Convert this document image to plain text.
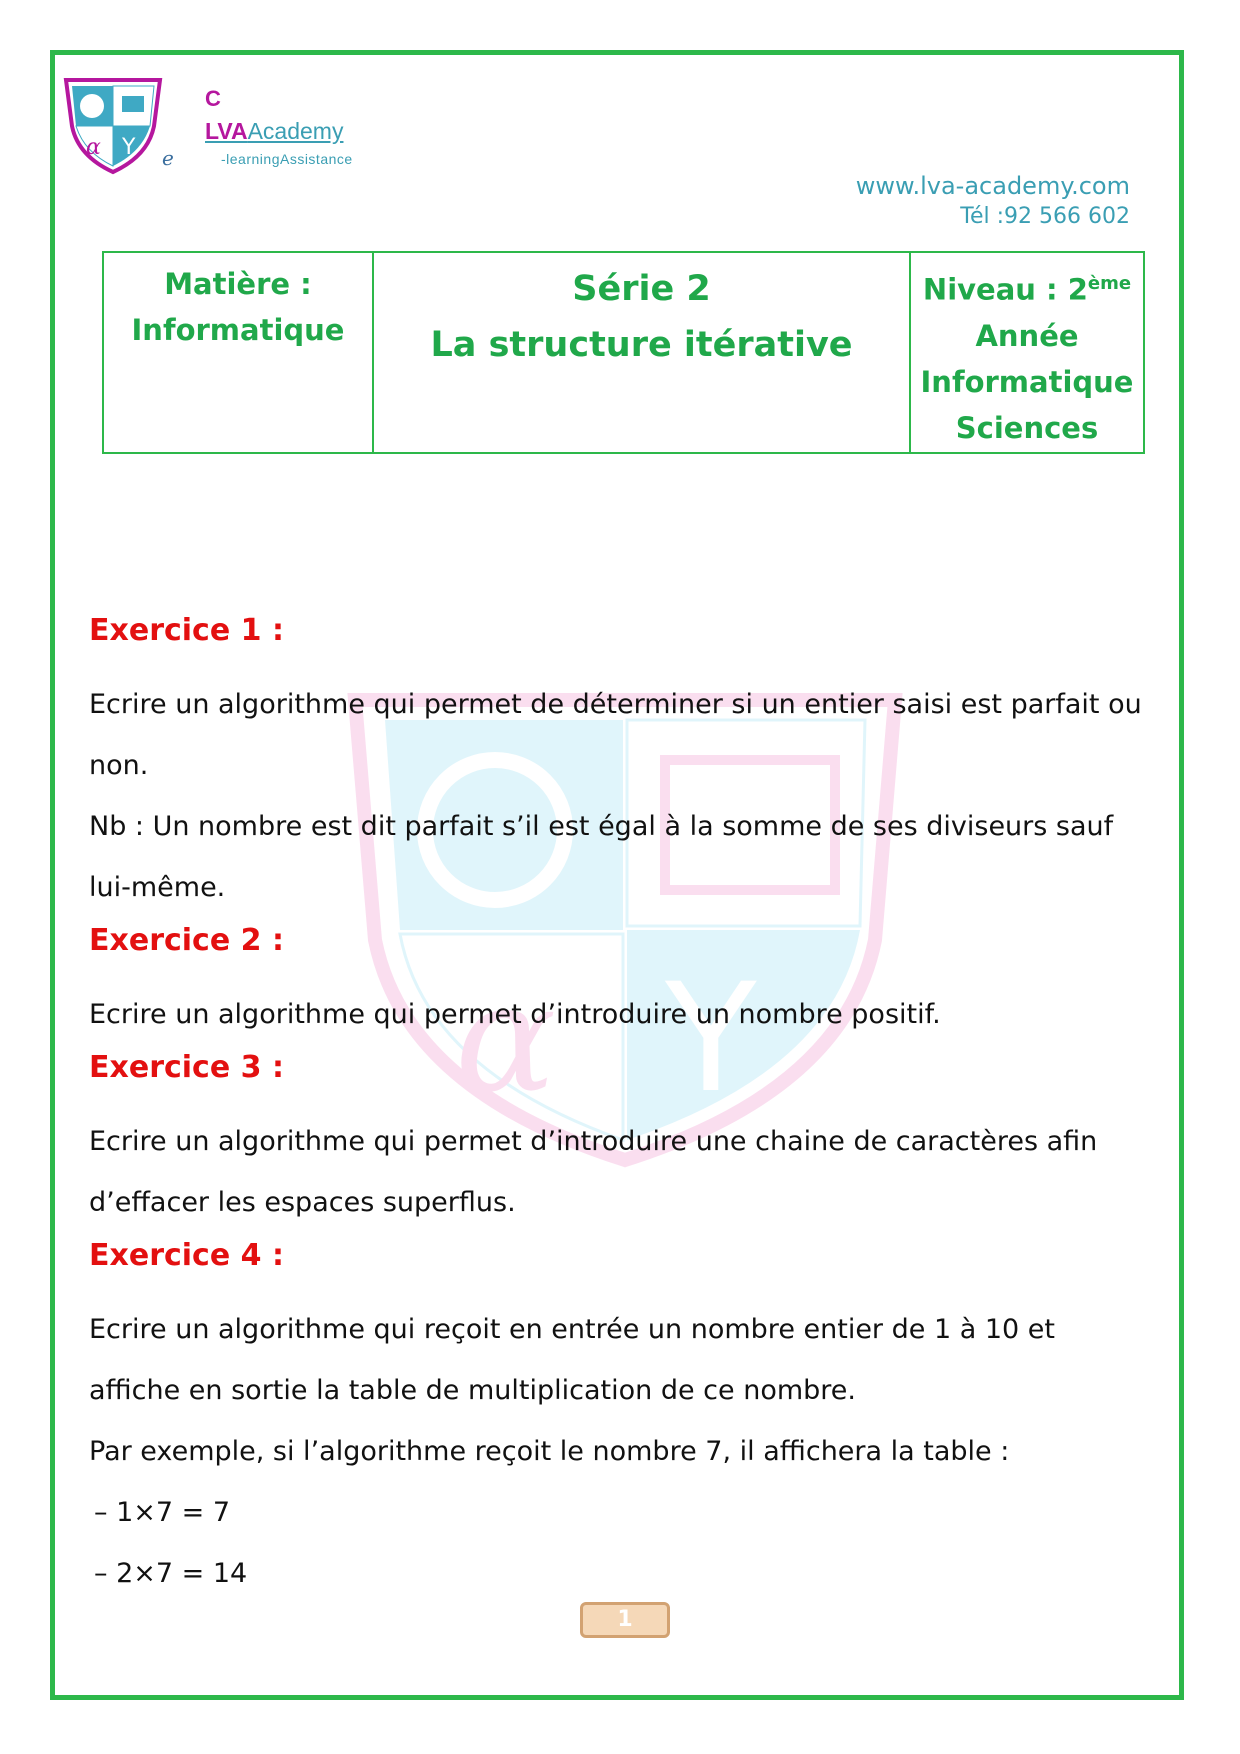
α Y e
C
LVAAcademy
-learningAssistance
www.lva-academy.com
Tél :92 566 602
Matière :
Informatique

Série 2
La structure itérative

Niveau : 2ème
Année
Informatique
Sciences
α Y

Exercice 1 :

Ecrire un algorithme qui permet de déterminer si un entier saisi est parfait ou non.

Nb : Un nombre est dit parfait s’il est égal à la somme de ses diviseurs sauf lui-même.

Exercice 2 :

Ecrire un algorithme qui permet d’introduire un nombre positif.

Exercice 3 :

Ecrire un algorithme qui permet d’introduire une chaine de caractères afin d’effacer les espaces superflus.

Exercice 4 :

Ecrire un algorithme qui reçoit en entrée un nombre entier de 1 à 10 et affiche en sortie la table de multiplication de ce nombre.

Par exemple, si l’algorithme reçoit le nombre 7, il affichera la table :

– 1×7 = 7

– 2×7 = 14

1
